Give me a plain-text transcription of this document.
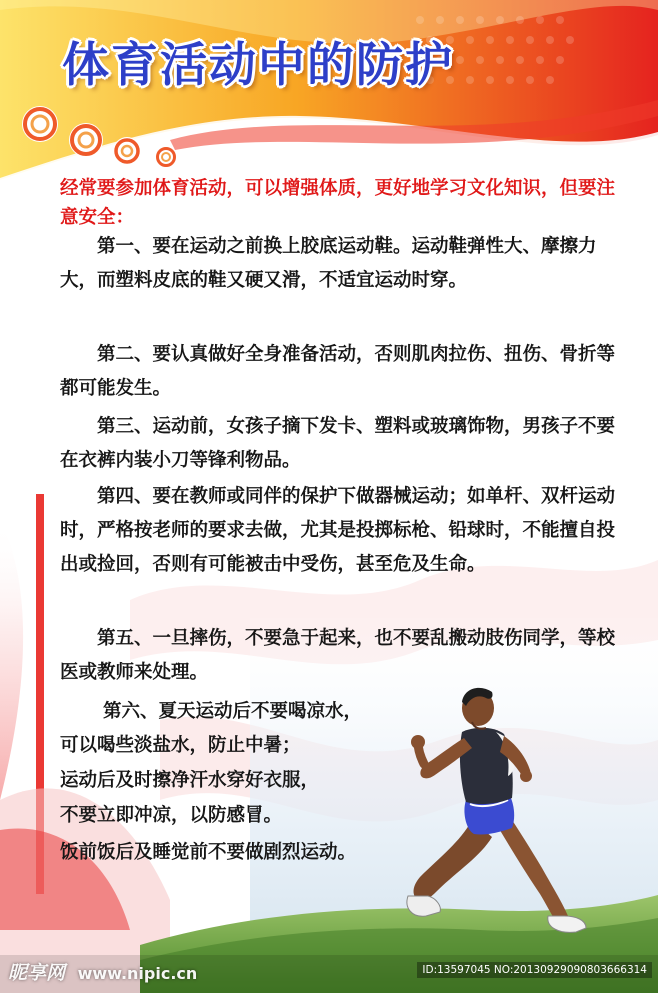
体育活动中的防护
经常要参加体育活动，可以增强体质，更好地学习文化知识，但要注意安全：
第一、要在运动之前换上胶底运动鞋。运动鞋弹性大、摩擦力大，而塑料皮底的鞋又硬又滑，不适宜运动时穿。
第二、要认真做好全身准备活动，否则肌肉拉伤、扭伤、骨折等都可能发生。
第三、运动前，女孩子摘下发卡、塑料或玻璃饰物，男孩子不要在衣裤内装小刀等锋利物品。
第四、要在教师或同伴的保护下做器械运动；如单杆、双杆运动时，严格按老师的要求去做，尤其是投掷标枪、铅球时，不能擅自投出或捡回，否则有可能被击中受伤，甚至危及生命。
第五、一旦摔伤，不要急于起来，也不要乱搬动肢伤同学，等校医或教师来处理。
第六、夏天运动后不要喝凉水，
可以喝些淡盐水，防止中暑；
运动后及时擦净汗水穿好衣服，
不要立即冲凉，以防感冒。
饭前饭后及睡觉前不要做剧烈运动。
昵享网 www.nipic.cn	ID:13597045 NO:20130929090803666314
